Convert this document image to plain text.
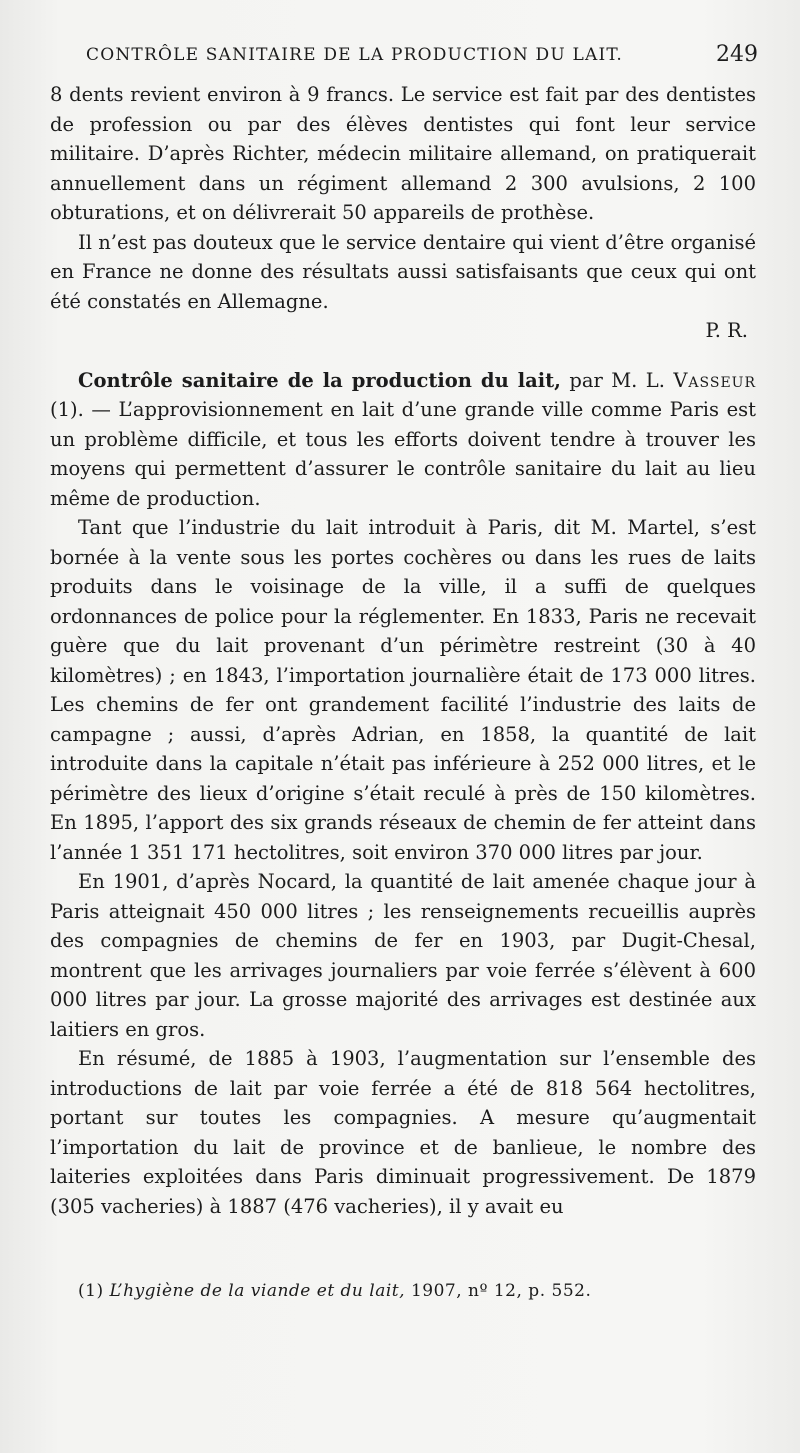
CONTRÔLE SANITAIRE DE LA PRODUCTION DU LAIT.	249

8 dents revient environ à 9 francs. Le service est fait par des dentistes de profession ou par des élèves dentistes qui font leur service militaire. D’après Richter, médecin militaire allemand, on pratiquerait annuellement dans un régiment allemand 2 300 avulsions, 2 100 obturations, et on délivrerait 50 appareils de prothèse.

Il n’est pas douteux que le service dentaire qui vient d’être organisé en France ne donne des résultats aussi satisfaisants que ceux qui ont été constatés en Allemagne.

P. R.

Contrôle sanitaire de la production du lait, par M. L. Vasseur (1). — L’approvisionnement en lait d’une grande ville comme Paris est un problème difficile, et tous les efforts doivent tendre à trouver les moyens qui permettent d’assurer le contrôle sanitaire du lait au lieu même de production.

Tant que l’industrie du lait introduit à Paris, dit M. Martel, s’est bornée à la vente sous les portes cochères ou dans les rues de laits produits dans le voisinage de la ville, il a suffi de quelques ordonnances de police pour la réglementer. En 1833, Paris ne recevait guère que du lait provenant d’un périmètre restreint (30 à 40 kilomètres) ; en 1843, l’importation journalière était de 173 000 litres. Les chemins de fer ont grandement facilité l’industrie des laits de campagne ; aussi, d’après Adrian, en 1858, la quantité de lait introduite dans la capitale n’était pas inférieure à 252 000 litres, et le périmètre des lieux d’origine s’était reculé à près de 150 kilomètres. En 1895, l’apport des six grands réseaux de chemin de fer atteint dans l’année 1 351 171 hectolitres, soit environ 370 000 litres par jour.

En 1901, d’après Nocard, la quantité de lait amenée chaque jour à Paris atteignait 450 000 litres ; les renseignements recueillis auprès des compagnies de chemins de fer en 1903, par Dugit-Chesal, montrent que les arrivages journaliers par voie ferrée s’élèvent à 600 000 litres par jour. La grosse majorité des arrivages est destinée aux laitiers en gros.

En résumé, de 1885 à 1903, l’augmentation sur l’ensemble des introductions de lait par voie ferrée a été de 818 564 hectolitres, portant sur toutes les compagnies. A mesure qu’augmentait l’importation du lait de province et de banlieue, le nombre des laiteries exploitées dans Paris diminuait progressivement. De 1879 (305 vacheries) à 1887 (476 vacheries), il y avait eu

(1) L’hygiène de la viande et du lait, 1907, nº 12, p. 552.
